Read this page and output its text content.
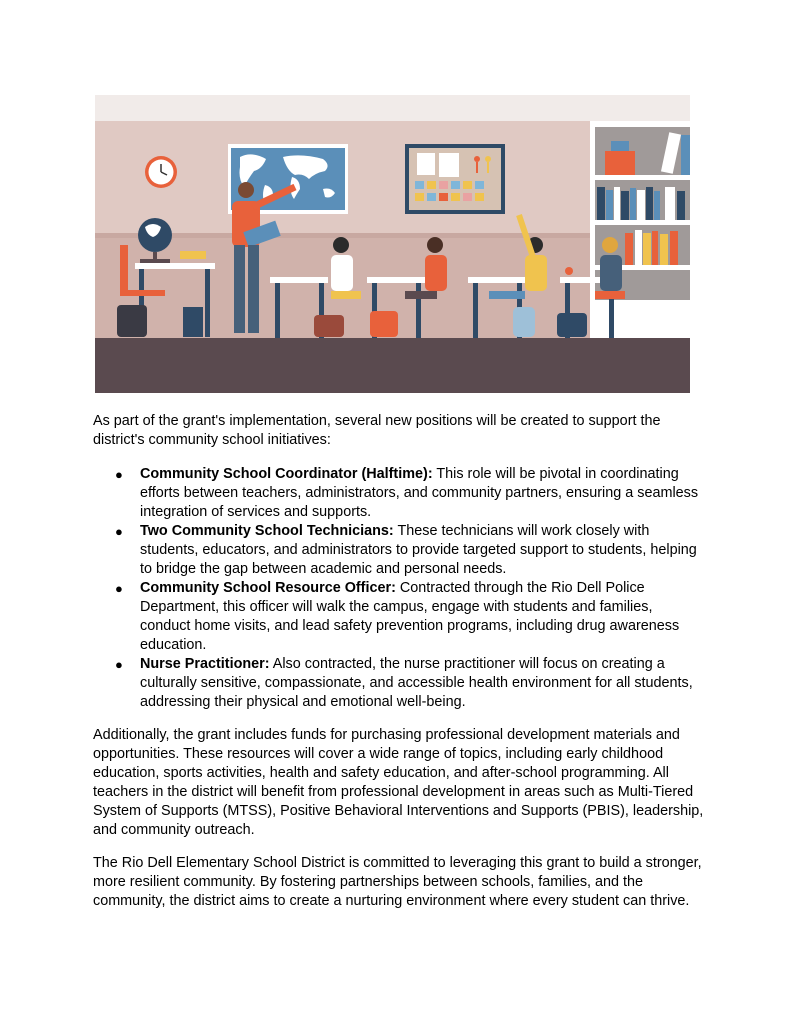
As part of the grant's implementation, several new positions will be created to support the district's community school initiatives:

● Community School Coordinator (Halftime): This role will be pivotal in coordinating efforts between teachers, administrators, and community partners, ensuring a seamless integration of services and supports.
● Two Community School Technicians: These technicians will work closely with students, educators, and administrators to provide targeted support to students, helping to bridge the gap between academic and personal needs.
● Community School Resource Officer: Contracted through the Rio Dell Police Department, this officer will walk the campus, engage with students and families, conduct home visits, and lead safety prevention programs, including drug awareness education.
● Nurse Practitioner: Also contracted, the nurse practitioner will focus on creating a culturally sensitive, compassionate, and accessible health environment for all students, addressing their physical and emotional well-being.

Additionally, the grant includes funds for purchasing professional development materials and opportunities. These resources will cover a wide range of topics, including early childhood education, sports activities, health and safety education, and after-school programming. All teachers in the district will benefit from professional development in areas such as Multi-Tiered System of Supports (MTSS), Positive Behavioral Interventions and Supports (PBIS), leadership, and community outreach.

The Rio Dell Elementary School District is committed to leveraging this grant to build a stronger, more resilient community. By fostering partnerships between schools, families, and the community, the district aims to create a nurturing environment where every student can thrive.
